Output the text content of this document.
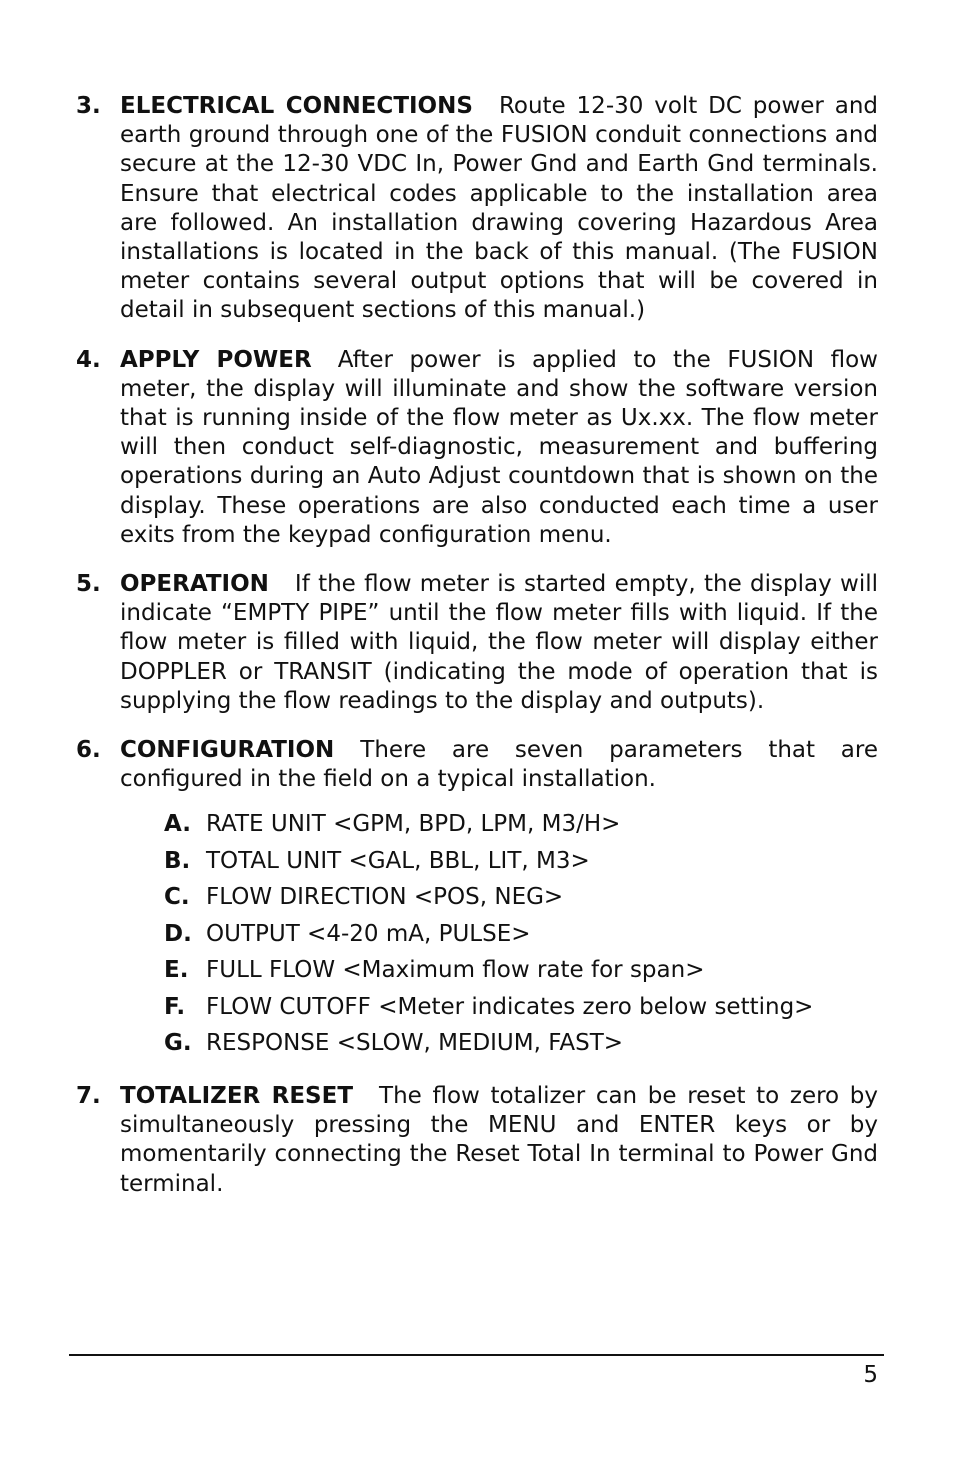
3. ELECTRICAL CONNECTIONS Route 12-30 volt DC power and earth ground through one of the FUSION conduit connections and secure at the 12-30 VDC In, Power Gnd and Earth Gnd terminals. Ensure that electrical codes applicable to the installation area are followed. An installation drawing covering Hazardous Area installations is located in the back of this manual. (The FUSION meter contains several output options that will be covered in detail in subsequent sections of this manual.)

4. APPLY POWER After power is applied to the FUSION flow meter, the display will illuminate and show the software version that is running inside of the flow meter as Ux.xx. The flow meter will then conduct self-diagnostic, measurement and buffering operations during an Auto Adjust countdown that is shown on the display. These operations are also conducted each time a user exits from the keypad configuration menu.

5. OPERATION If the flow meter is started empty, the display will indicate “EMPTY PIPE” until the flow meter fills with liquid. If the flow meter is filled with liquid, the flow meter will display either DOPPLER or TRANSIT (indicating the mode of operation that is supplying the flow readings to the display and outputs).

6. CONFIGURATION There are seven parameters that are configured in the field on a typical installation.

A. RATE UNIT <GPM, BPD, LPM, M3/H>
B. TOTAL UNIT <GAL, BBL, LIT, M3>
C. FLOW DIRECTION <POS, NEG>
D. OUTPUT <4-20 mA, PULSE>
E. FULL FLOW <Maximum flow rate for span>
F. FLOW CUTOFF <Meter indicates zero below setting>
G. RESPONSE <SLOW, MEDIUM, FAST>

7. TOTALIZER RESET The flow totalizer can be reset to zero by simultaneously pressing the MENU and ENTER keys or by momentarily connecting the Reset Total In terminal to Power Gnd terminal.

5
